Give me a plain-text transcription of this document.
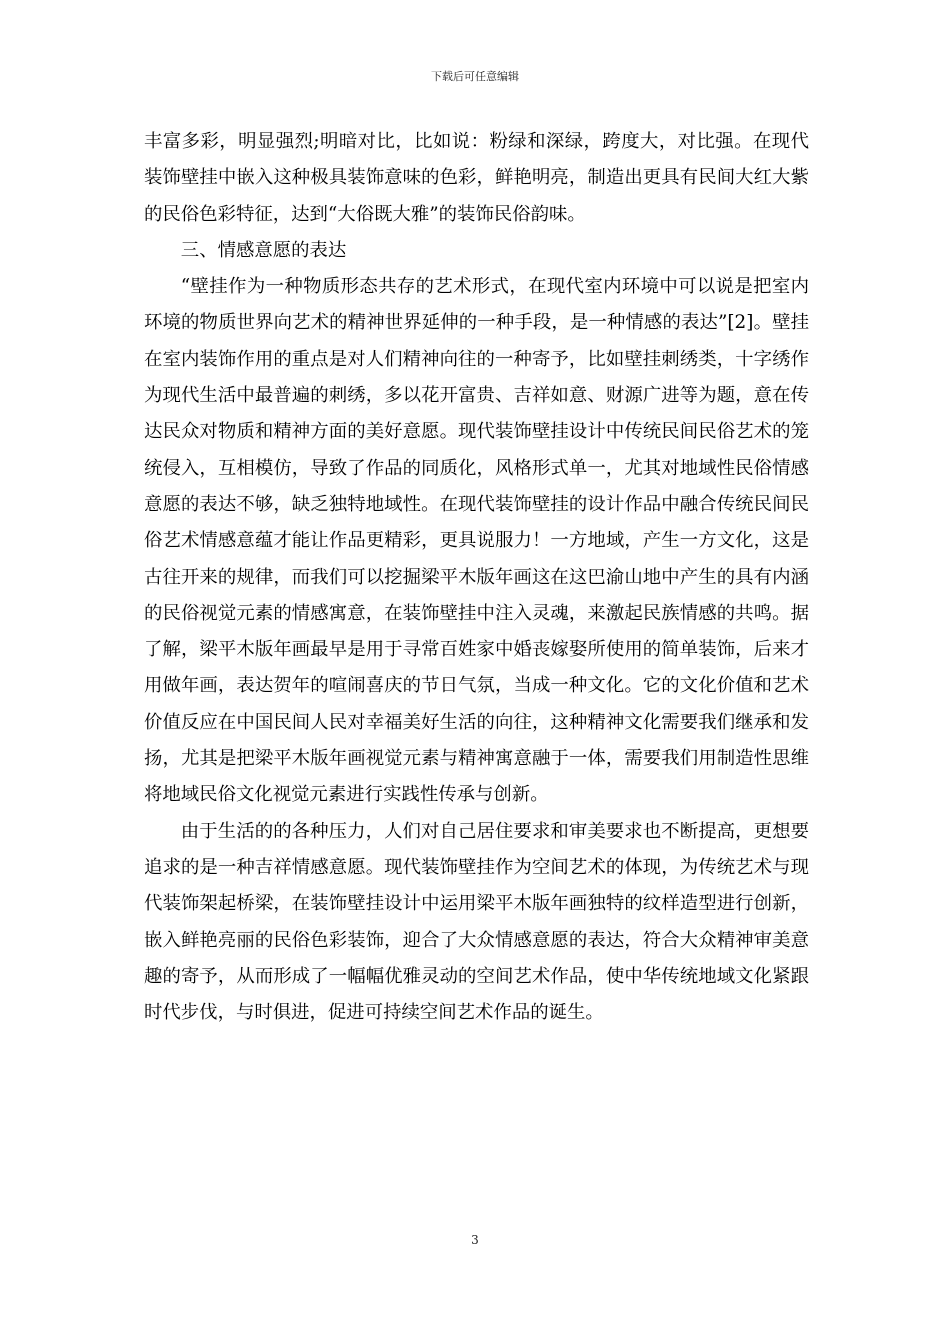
下载后可任意编辑

丰富多彩，明显强烈;明暗对比，比如说：粉绿和深绿，跨度大，对比强。在现代装饰壁挂中嵌入这种极具装饰意味的色彩，鲜艳明亮，制造出更具有民间大红大紫的民俗色彩特征，达到“大俗既大雅”的装饰民俗韵味。

三、情感意愿的表达

“壁挂作为一种物质形态共存的艺术形式，在现代室内环境中可以说是把室内环境的物质世界向艺术的精神世界延伸的一种手段，是一种情感的表达”[2]。壁挂在室内装饰作用的重点是对人们精神向往的一种寄予，比如壁挂刺绣类，十字绣作为现代生活中最普遍的刺绣，多以花开富贵、吉祥如意、财源广进等为题，意在传达民众对物质和精神方面的美好意愿。现代装饰壁挂设计中传统民间民俗艺术的笼统侵入，互相模仿，导致了作品的同质化，风格形式单一，尤其对地域性民俗情感意愿的表达不够，缺乏独特地域性。在现代装饰壁挂的设计作品中融合传统民间民俗艺术情感意蕴才能让作品更精彩，更具说服力！一方地域，产生一方文化，这是古往开来的规律，而我们可以挖掘梁平木版年画这在这巴渝山地中产生的具有内涵的民俗视觉元素的情感寓意，在装饰壁挂中注入灵魂，来激起民族情感的共鸣。据了解，梁平木版年画最早是用于寻常百姓家中婚丧嫁娶所使用的简单装饰，后来才用做年画，表达贺年的喧闹喜庆的节日气氛，当成一种文化。它的文化价值和艺术价值反应在中国民间人民对幸福美好生活的向往，这种精神文化需要我们继承和发扬，尤其是把梁平木版年画视觉元素与精神寓意融于一体，需要我们用制造性思维将地域民俗文化视觉元素进行实践性传承与创新。

由于生活的的各种压力，人们对自己居住要求和审美要求也不断提高，更想要追求的是一种吉祥情感意愿。现代装饰壁挂作为空间艺术的体现，为传统艺术与现代装饰架起桥梁，在装饰壁挂设计中运用梁平木版年画独特的纹样造型进行创新，嵌入鲜艳亮丽的民俗色彩装饰，迎合了大众情感意愿的表达，符合大众精神审美意趣的寄予，从而形成了一幅幅优雅灵动的空间艺术作品，使中华传统地域文化紧跟时代步伐，与时俱进，促进可持续空间艺术作品的诞生。

3
